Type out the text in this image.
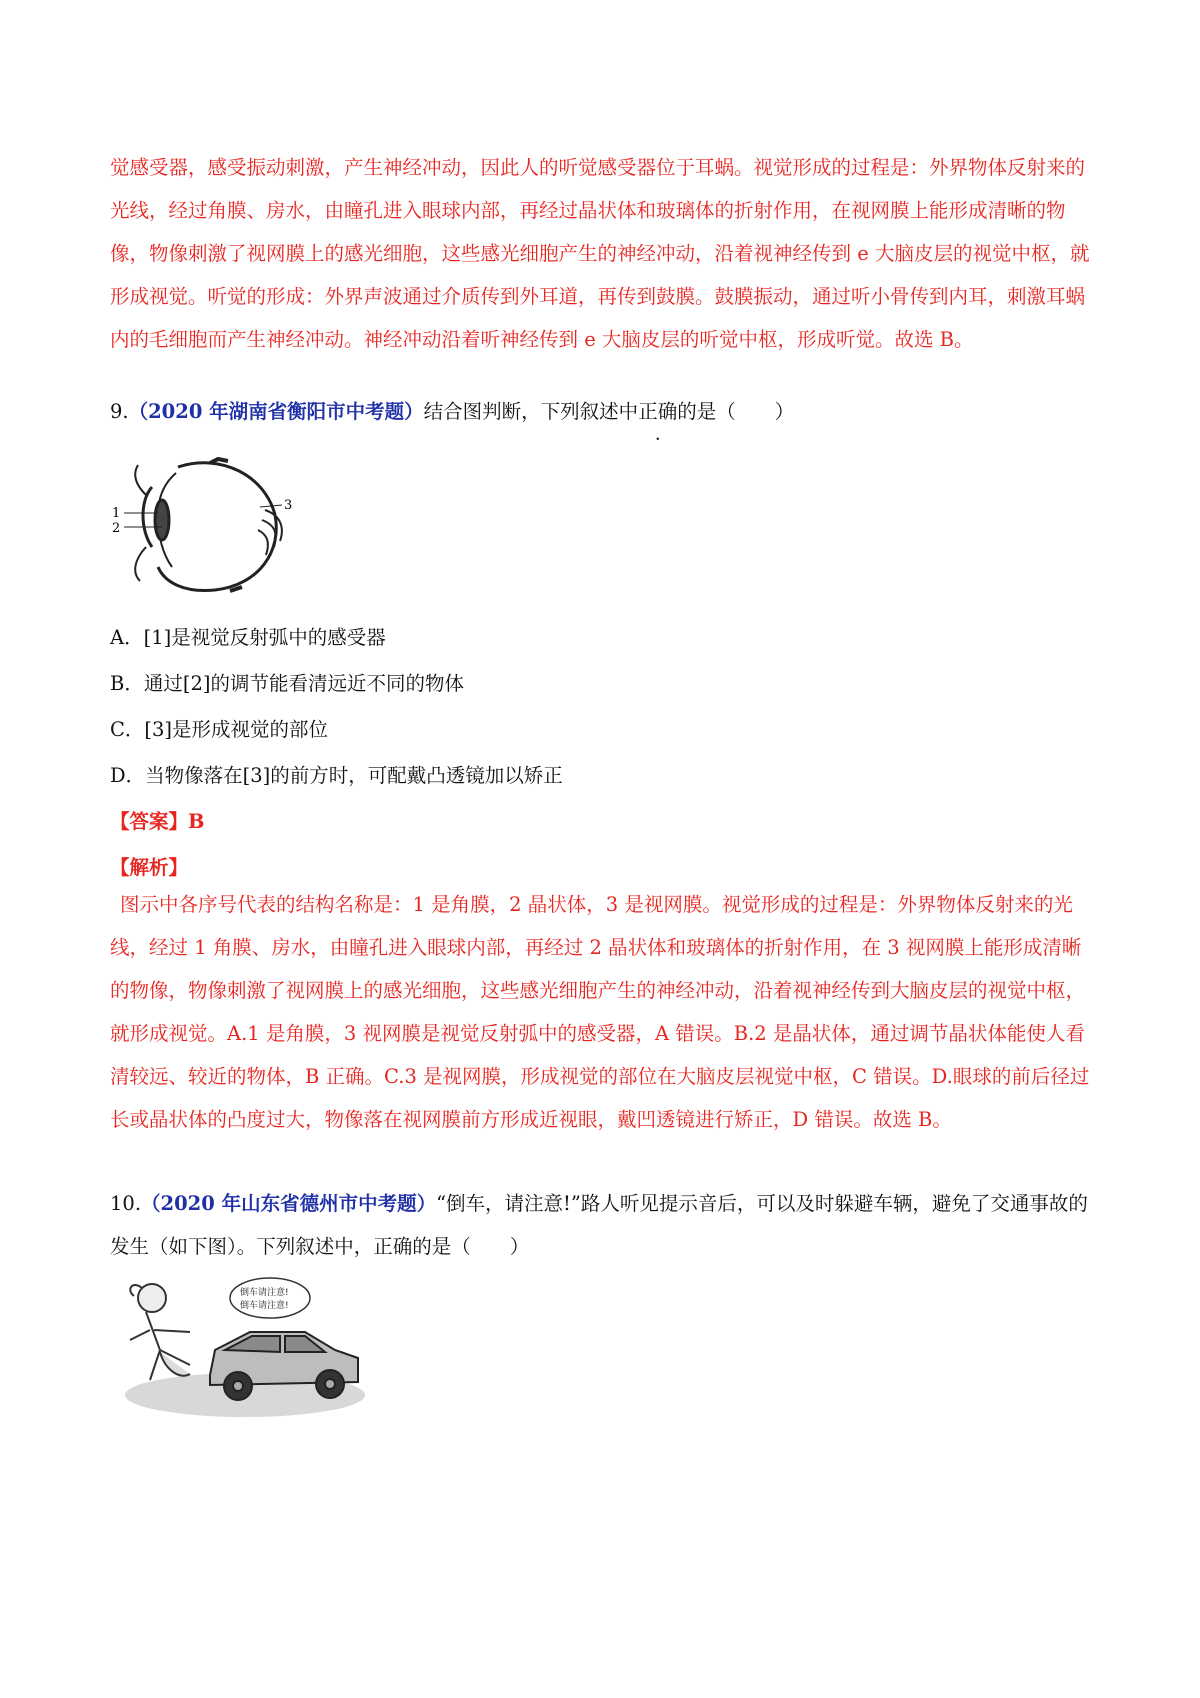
觉感受器，感受振动刺激，产生神经冲动，因此人的听觉感受器位于耳蜗。视觉形成的过程是：外界物体反射来的光线，经过角膜、房水，由瞳孔进入眼球内部，再经过晶状体和玻璃体的折射作用，在视网膜上能形成清晰的物像，物像刺激了视网膜上的感光细胞，这些感光细胞产生的神经冲动，沿着视神经传到 e 大脑皮层的视觉中枢，就形成视觉。听觉的形成：外界声波通过介质传到外耳道，再传到鼓膜。鼓膜振动，通过听小骨传到内耳，刺激耳蜗内的毛细胞而产生神经冲动。神经冲动沿着听神经传到 e 大脑皮层的听觉中枢，形成听觉。故选 B。

9.（2020 年湖南省衡阳市中考题）结合图判断，下列叙述中正确的是（　　）

1
2
3

A．[1]是视觉反射弧中的感受器

B．通过[2]的调节能看清远近不同的物体

C．[3]是形成视觉的部位

D．当物像落在[3]的前方时，可配戴凸透镜加以矫正

【答案】B

【解析】

图示中各序号代表的结构名称是：1 是角膜，2 晶状体，3 是视网膜。视觉形成的过程是：外界物体反射来的光线，经过 1 角膜、房水，由瞳孔进入眼球内部，再经过 2 晶状体和玻璃体的折射作用，在 3 视网膜上能形成清晰的物像，物像刺激了视网膜上的感光细胞，这些感光细胞产生的神经冲动，沿着视神经传到大脑皮层的视觉中枢，就形成视觉。A.1 是角膜，3 视网膜是视觉反射弧中的感受器，A 错误。B.2 是晶状体，通过调节晶状体能使人看清较远、较近的物体，B 正确。C.3 是视网膜，形成视觉的部位在大脑皮层视觉中枢，C 错误。D.眼球的前后径过长或晶状体的凸度过大，物像落在视网膜前方形成近视眼，戴凹透镜进行矫正，D 错误。故选 B。

10.（2020 年山东省德州市中考题）“倒车，请注意!”路人听见提示音后，可以及时躲避车辆，避免了交通事故的发生（如下图）。下列叙述中，正确的是（　　）

倒车请注意!
倒车请注意!
